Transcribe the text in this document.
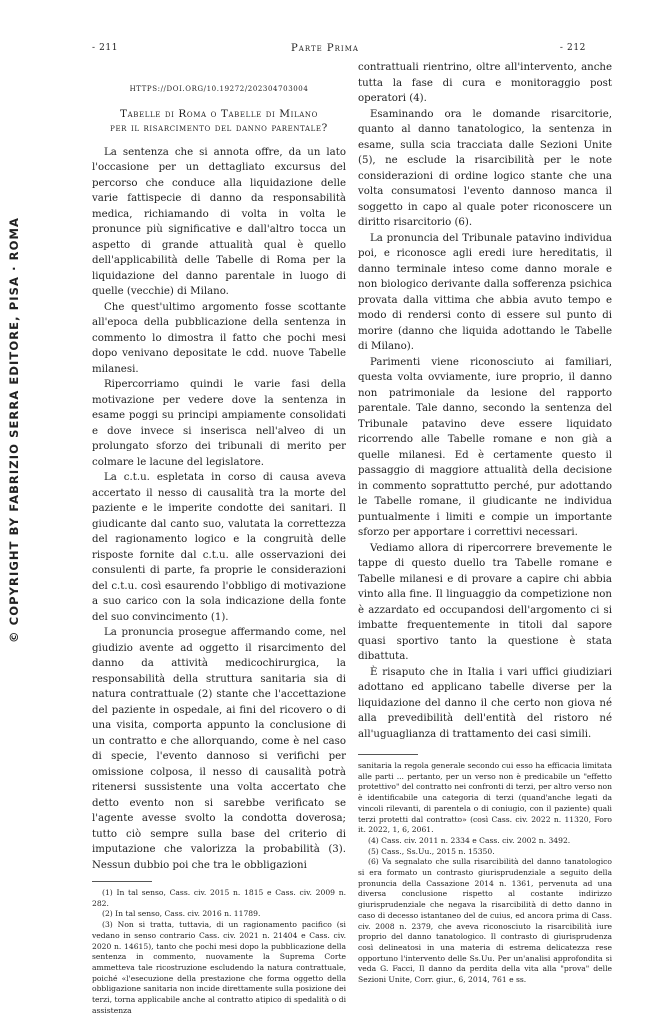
- 211	Parte Prima	- 212
© COPYRIGHT BY FABRIZIO SERRA EDITORE, PISA · ROMA
HTTPS://DOI.ORG/10.19272/202304703004
Tabelle di Roma o Tabelle di Milano
per il risarcimento del danno parentale?

La sentenza che si annota offre, da un lato l'occasione per un dettagliato excursus del percorso che conduce alla liquidazione delle varie fattispecie di danno da responsabilità medica, richiamando di volta in volta le pronunce più significative e dall'altro tocca un aspetto di grande attualità qual è quello dell'applicabilità delle Tabelle di Roma per la liquidazione del danno parentale in luogo di quelle (vecchie) di Milano.

Che quest'ultimo argomento fosse scottante all'epoca della pubblicazione della sentenza in commento lo dimostra il fatto che pochi mesi dopo venivano depositate le cdd. nuove Tabelle milanesi.

Ripercorriamo quindi le varie fasi della motivazione per vedere dove la sentenza in esame poggi su principi ampiamente consolidati e dove invece si inserisca nell'alveo di un prolungato sforzo dei tribunali di merito per colmare le lacune del legislatore.

La c.t.u. espletata in corso di causa aveva accertato il nesso di causalità tra la morte del paziente e le imperite condotte dei sanitari. Il giudicante dal canto suo, valutata la correttezza del ragionamento logico e la congruità delle risposte fornite dal c.t.u. alle osservazioni dei consulenti di parte, fa proprie le considerazioni del c.t.u. così esaurendo l'obbligo di motivazione a suo carico con la sola indicazione della fonte del suo convincimento (1).

La pronuncia prosegue affermando come, nel giudizio avente ad oggetto il risarcimento del danno da attività medicochirurgica, la responsabilità della struttura sanitaria sia di natura contrattuale (2) stante che l'accettazione del paziente in ospedale, ai fini del ricovero o di una visita, comporta appunto la conclusione di un contratto e che allorquando, come è nel caso di specie, l'evento dannoso si verifichi per omissione colposa, il nesso di causalità potrà ritenersi sussistente una volta accertato che detto evento non si sarebbe verificato se l'agente avesse svolto la condotta doverosa; tutto ciò sempre sulla base del criterio di imputazione che valorizza la probabilità (3). Nessun dubbio poi che tra le obbligazioni

(1) In tal senso, Cass. civ. 2015 n. 1815 e Cass. civ. 2009 n. 282.

(2) In tal senso, Cass. civ. 2016 n. 11789.

(3) Non si tratta, tuttavia, di un ragionamento pacifico (si vedano in senso contrario Cass. civ. 2021 n. 21404 e Cass. civ. 2020 n. 14615), tanto che pochi mesi dopo la pubblicazione della sentenza in commento, nuovamente la Suprema Corte ammetteva tale ricostruzione escludendo la natura contrattuale, poiché «l'esecuzione della prestazione che forma oggetto della obbligazione sanitaria non incide direttamente sulla posizione dei terzi, torna applicabile anche al contratto atipico di spedalità o di assistenza

contrattuali rientrino, oltre all'intervento, anche tutta la fase di cura e monitoraggio post operatori (4).

Esaminando ora le domande risarcitorie, quanto al danno tanatologico, la sentenza in esame, sulla scia tracciata dalle Sezioni Unite (5), ne esclude la risarcibilità per le note considerazioni di ordine logico stante che una volta consumatosi l'evento dannoso manca il soggetto in capo al quale poter riconoscere un diritto risarcitorio (6).

La pronuncia del Tribunale patavino individua poi, e riconosce agli eredi iure hereditatis, il danno terminale inteso come danno morale e non biologico derivante dalla sofferenza psichica provata dalla vittima che abbia avuto tempo e modo di rendersi conto di essere sul punto di morire (danno che liquida adottando le Tabelle di Milano).

Parimenti viene riconosciuto ai familiari, questa volta ovviamente, iure proprio, il danno non patrimoniale da lesione del rapporto parentale. Tale danno, secondo la sentenza del Tribunale patavino deve essere liquidato ricorrendo alle Tabelle romane e non già a quelle milanesi. Ed è certamente questo il passaggio di maggiore attualità della decisione in commento soprattutto perché, pur adottando le Tabelle romane, il giudicante ne individua puntualmente i limiti e compie un importante sforzo per apportare i correttivi necessari.

Vediamo allora di ripercorrere brevemente le tappe di questo duello tra Tabelle romane e Tabelle milanesi e di provare a capire chi abbia vinto alla fine. Il linguaggio da competizione non è azzardato ed occupandosi dell'argomento ci si imbatte frequentemente in titoli dal sapore quasi sportivo tanto la questione è stata dibattuta.

È risaputo che in Italia i vari uffici giudiziari adottano ed applicano tabelle diverse per la liquidazione del danno il che certo non giova né alla prevedibilità dell'entità del ristoro né all'uguaglianza di trattamento dei casi simili.

sanitaria la regola generale secondo cui esso ha efficacia limitata alle parti ... pertanto, per un verso non è predicabile un "effetto protettivo" del contratto nei confronti di terzi, per altro verso non è identificabile una categoria di terzi (quand'anche legati da vincoli rilevanti, di parentela o di coniugio, con il paziente) quali terzi protetti dal contratto» (così Cass. civ. 2022 n. 11320, Foro it. 2022, 1, 6, 2061.

(4) Cass. civ. 2011 n. 2334 e Cass. civ. 2002 n. 3492.

(5) Cass., Ss.Uu., 2015 n. 15350.

(6) Va segnalato che sulla risarcibilità del danno tanatologico si era formato un contrasto giurisprudenziale a seguito della pronuncia della Cassazione 2014 n. 1361, pervenuta ad una diversa conclusione rispetto al costante indirizzo giurisprudenziale che negava la risarcibilità di detto danno in caso di decesso istantaneo del de cuius, ed ancora prima di Cass. civ. 2008 n. 2379, che aveva riconosciuto la risarcibilità iure proprio del danno tanatologico. Il contrasto di giurisprudenza così delineatosi in una materia di estrema delicatezza rese opportuno l'intervento delle Ss.Uu. Per un'analisi approfondita si veda G. Facci, Il danno da perdita della vita alla "prova" delle Sezioni Unite, Corr. giur., 6, 2014, 761 e ss.
